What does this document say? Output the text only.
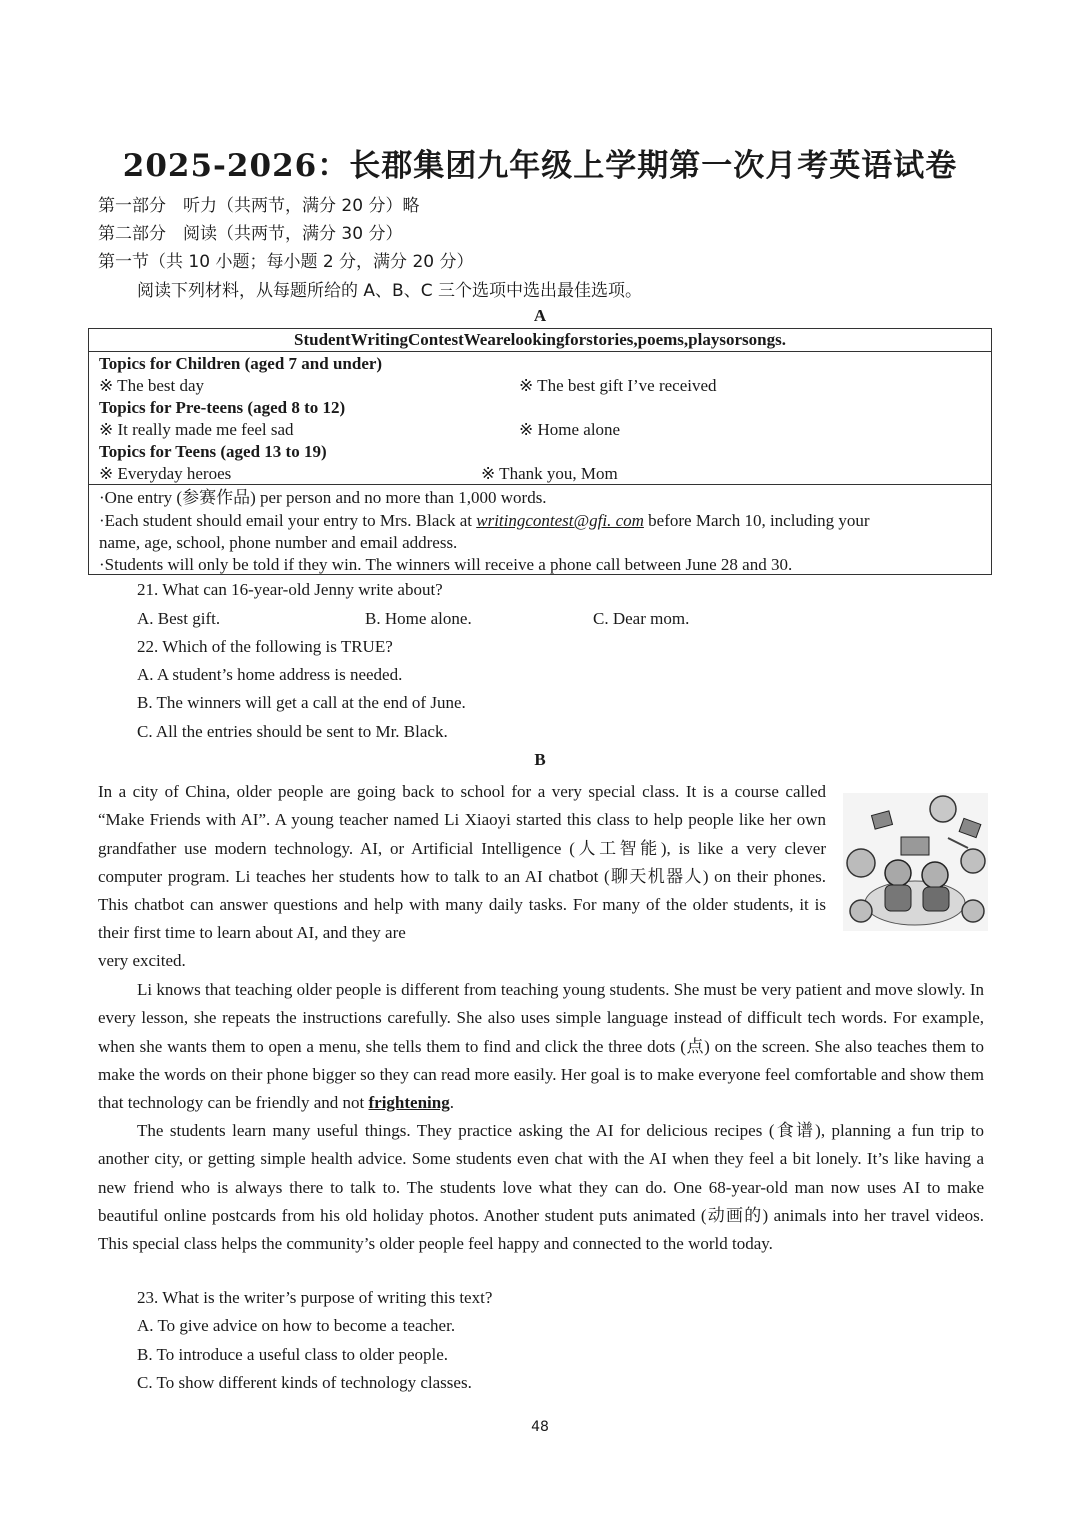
2025-2026：长郡集团九年级上学期第一次月考英语试卷
第一部分　听力（共两节，满分 20 分）略
第二部分　阅读（共两节，满分 30 分）
第一节（共 10 小题；每小题 2 分，满分 20 分）
阅读下列材料，从每题所给的 A、B、C 三个选项中选出最佳选项。
A
StudentWritingContestWearelookingforstories,poems,playsorsongs.
Topics for Children (aged 7 and under)
※ The best day	※ The best gift I’ve received
Topics for Pre-teens (aged 8 to 12)
※ It really made me feel sad	※ Home alone
Topics for Teens (aged 13 to 19)
※ Everyday heroes	※ Thank you, Mom
·One entry (参赛作品) per person and no more than 1,000 words.
·Each student should email your entry to Mrs. Black at writingcontest@gfi. com before March 10, including your
name, age, school, phone number and email address.
·Students will only be told if they win. The winners will receive a phone call between June 28 and 30.
21. What can 16-year-old Jenny write about?
A. Best gift.	B. Home alone.	C. Dear mom.
22. Which of the following is TRUE?
A. A student’s home address is needed.
B. The winners will get a call at the end of June.
C. All the entries should be sent to Mr. Black.
B
In a city of China, older people are going back to school for a very special class. It is a course called “Make Friends with AI”. A young teacher named Li Xiaoyi started this class to help people like her own grandfather use modern technology. AI, or Artificial Intelligence (人工智能), is like a very clever computer program. Li teaches her students how to talk to an AI chatbot (聊天机器人) on their phones. This chatbot can answer questions and help with many daily tasks. For many of the older students, it is their first time to learn about AI, and they are
very excited.
Li knows that teaching older people is different from teaching young students. She must be very patient and move slowly. In every lesson, she repeats the instructions carefully. She also uses simple language instead of difficult tech words. For example, when she wants them to open a menu, she tells them to find and click the three dots (点) on the screen. She also teaches them to make the words on their phone bigger so they can read more easily. Her goal is to make everyone feel comfortable and show them that technology can be friendly and not frightening.
The students learn many useful things. They practice asking the AI for delicious recipes (食谱), planning a fun trip to another city, or getting simple health advice. Some students even chat with the AI when they feel a bit lonely. It’s like having a new friend who is always there to talk to. The students love what they can do. One 68-year-old man now uses AI to make beautiful online postcards from his old holiday photos. Another student puts animated (动画的) animals into her travel videos. This special class helps the community’s older people feel happy and connected to the world today.
23. What is the writer’s purpose of writing this text?
A. To give advice on how to become a teacher.
B. To introduce a useful class to older people.
C. To show different kinds of technology classes.
48
